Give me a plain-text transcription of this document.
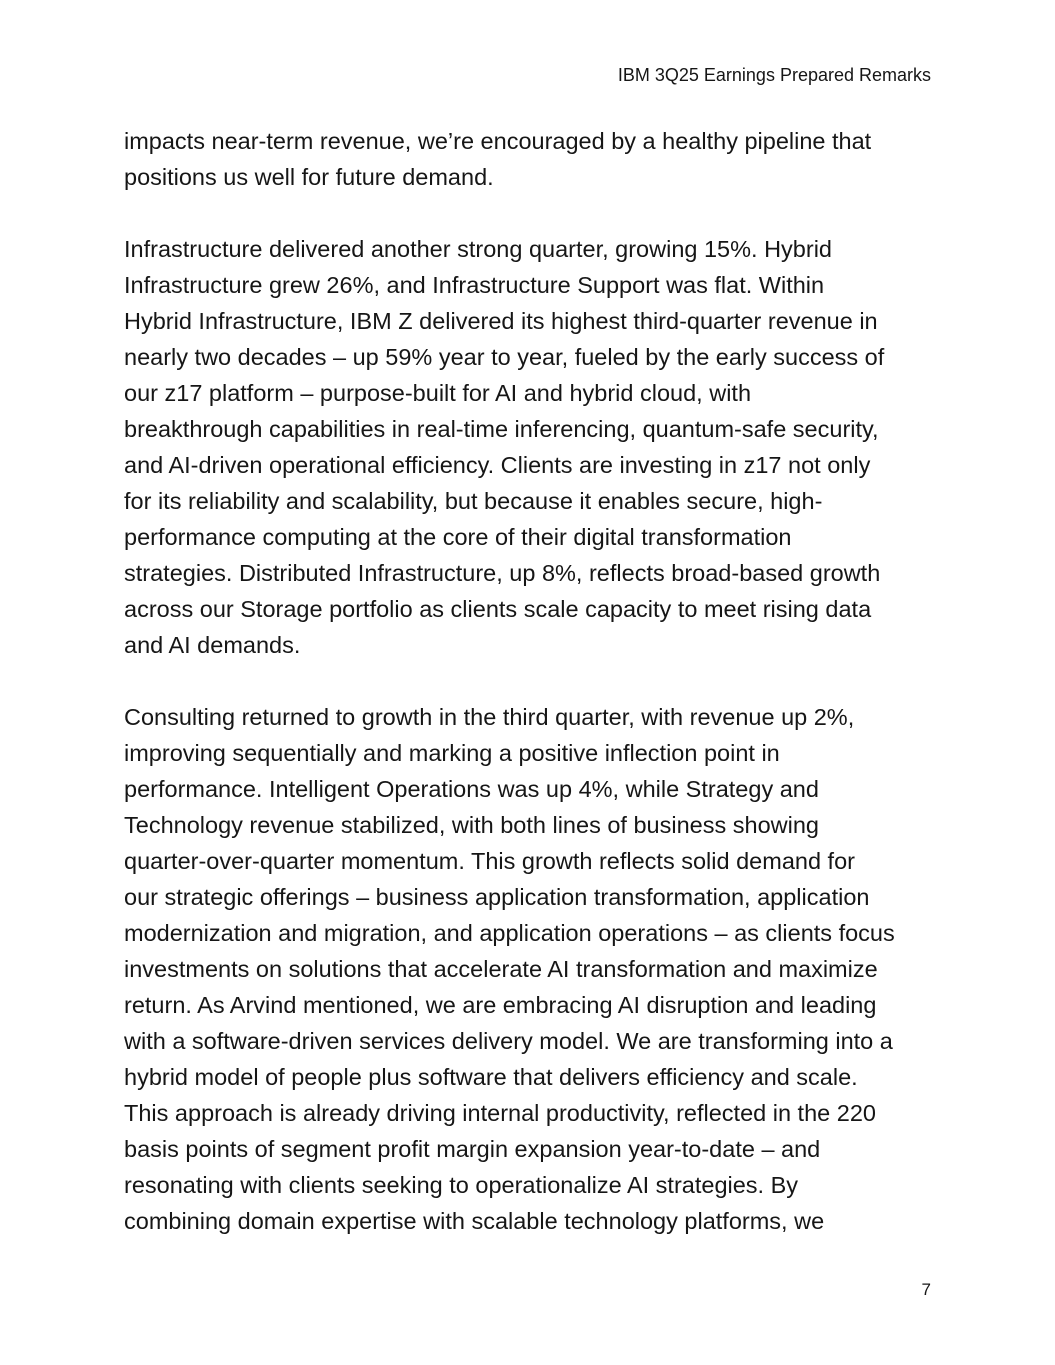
IBM 3Q25 Earnings Prepared Remarks

impacts near-term revenue, we’re encouraged by a healthy pipeline that
positions us well for future demand.

Infrastructure delivered another strong quarter, growing 15%. Hybrid
Infrastructure grew 26%, and Infrastructure Support was flat. Within
Hybrid Infrastructure, IBM Z delivered its highest third-quarter revenue in
nearly two decades – up 59% year to year, fueled by the early success of
our z17 platform – purpose-built for AI and hybrid cloud, with
breakthrough capabilities in real-time inferencing, quantum-safe security,
and AI-driven operational efficiency. Clients are investing in z17 not only
for its reliability and scalability, but because it enables secure, high-
performance computing at the core of their digital transformation
strategies. Distributed Infrastructure, up 8%, reflects broad-based growth
across our Storage portfolio as clients scale capacity to meet rising data
and AI demands.

Consulting returned to growth in the third quarter, with revenue up 2%,
improving sequentially and marking a positive inflection point in
performance. Intelligent Operations was up 4%, while Strategy and
Technology revenue stabilized, with both lines of business showing
quarter-over-quarter momentum. This growth reflects solid demand for
our strategic offerings – business application transformation, application
modernization and migration, and application operations – as clients focus
investments on solutions that accelerate AI transformation and maximize
return. As Arvind mentioned, we are embracing AI disruption and leading
with a software-driven services delivery model. We are transforming into a
hybrid model of people plus software that delivers efficiency and scale.
This approach is already driving internal productivity, reflected in the 220
basis points of segment profit margin expansion year-to-date – and
resonating with clients seeking to operationalize AI strategies. By
combining domain expertise with scalable technology platforms, we

7
